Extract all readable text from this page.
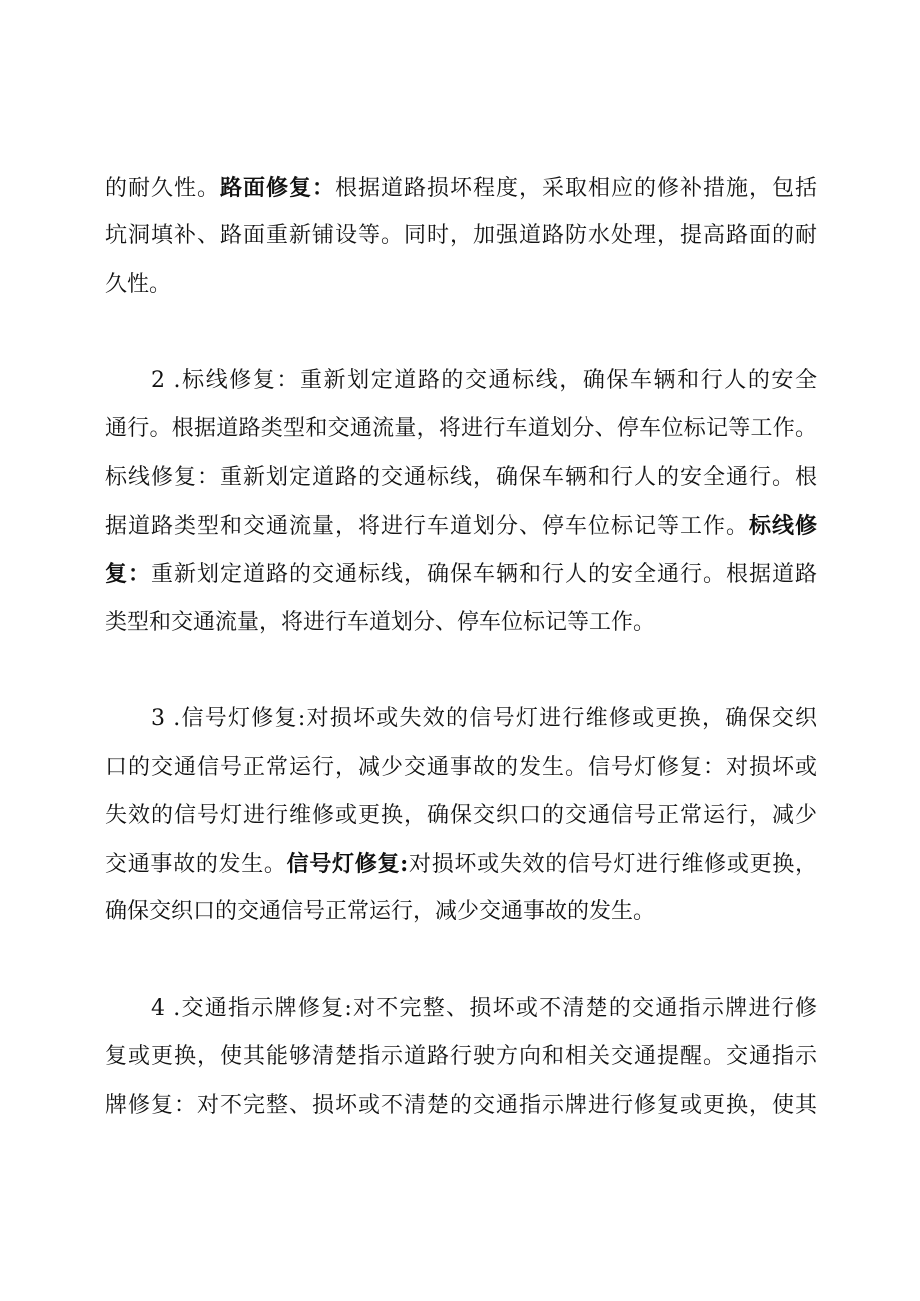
的耐久性。路面修复：根据道路损坏程度，采取相应的修补措施，包括
坑洞填补、路面重新铺设等。同时，加强道路防水处理，提高路面的耐
久性。
2 .标线修复：重新划定道路的交通标线，确保车辆和行人的安全
通行。根据道路类型和交通流量，将进行车道划分、停车位标记等工作。
标线修复：重新划定道路的交通标线，确保车辆和行人的安全通行。根
据道路类型和交通流量，将进行车道划分、停车位标记等工作。标线修
复：重新划定道路的交通标线，确保车辆和行人的安全通行。根据道路
类型和交通流量，将进行车道划分、停车位标记等工作。
3 .信号灯修复:对损坏或失效的信号灯进行维修或更换，确保交织
口的交通信号正常运行，减少交通事故的发生。信号灯修复：对损坏或
失效的信号灯进行维修或更换，确保交织口的交通信号正常运行，减少
交通事故的发生。信号灯修复:对损坏或失效的信号灯进行维修或更换，
确保交织口的交通信号正常运行，减少交通事故的发生。
4 .交通指示牌修复:对不完整、损坏或不清楚的交通指示牌进行修
复或更换，使其能够清楚指示道路行驶方向和相关交通提醒。交通指示
牌修复：对不完整、损坏或不清楚的交通指示牌进行修复或更换，使其
